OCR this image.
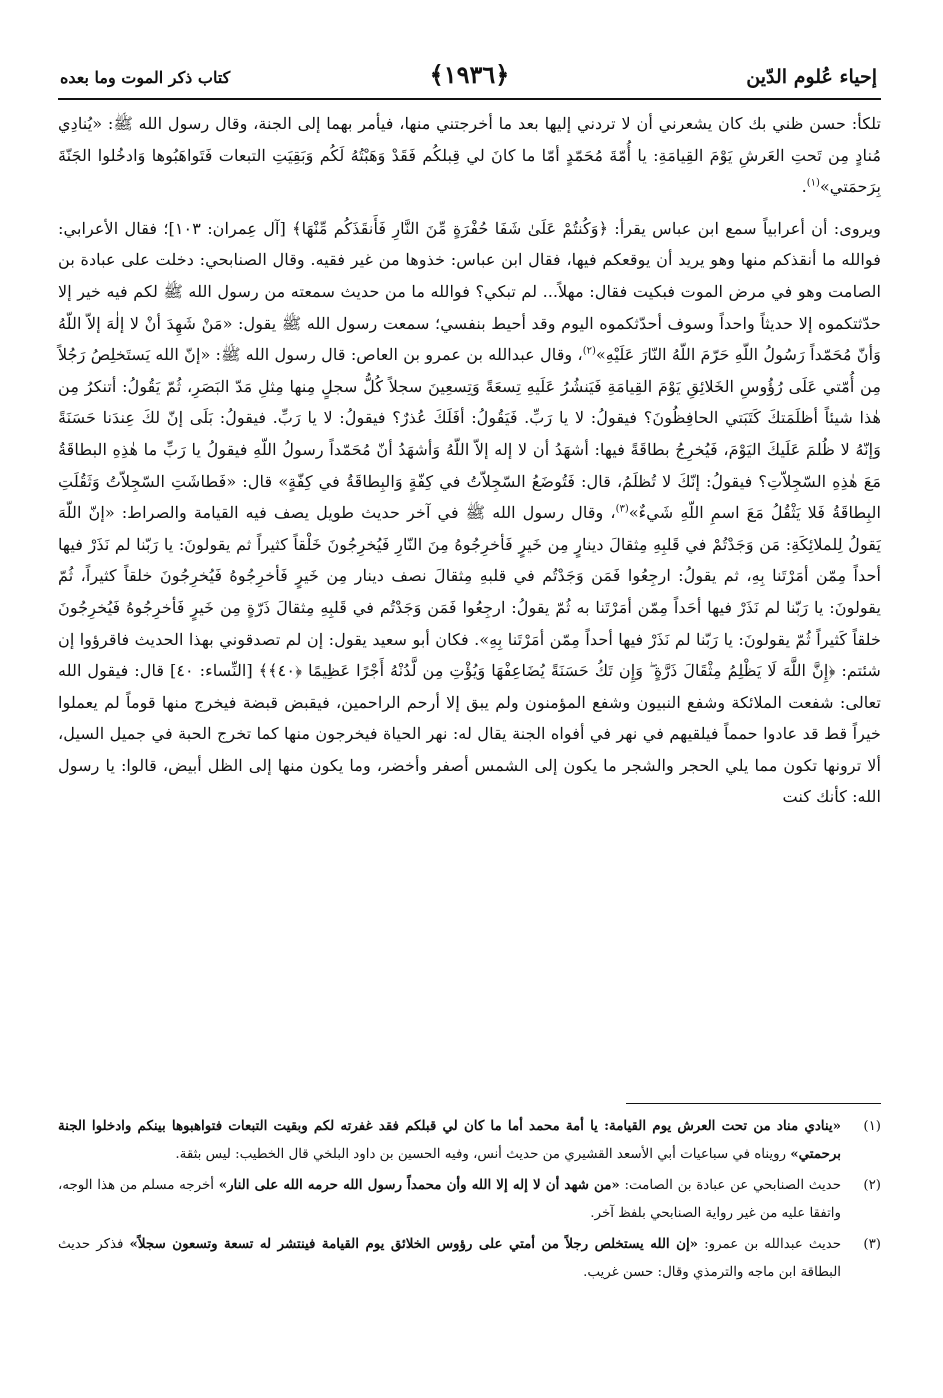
إحياء عُلوم الدّين
﴿١٩٣٦﴾
كتاب ذكر الموت وما بعده

تلكأ: حسن ظني بك كان يشعرني أن لا تردني إليها بعد ما أخرجتني منها، فيأمر بهما إلى الجنة، وقال رسول الله ﷺ: «يُنادِي مُنادٍ مِن تَحتِ العَرشِ يَوْمَ القِيامَةِ: يا أُمّةَ مُحَمّدٍ أمّا ما كانَ لي قِبلكُم فَقَدْ وَهَبْتُهُ لَكُم وَبَقِيَتِ التبعات فَتَواهَبُوها وَادخُلوا الجَنّةَ بِرَحمَتي»$^{(١)}$.

ويروى: أن أعرابياً سمع ابن عباس يقرأ: ﴿وَكُنتُمْ عَلَىٰ شَفَا حُفْرَةٍ مِّنَ النَّارِ فَأَنقَذَكُم مِّنْهَا﴾ [آل عِمران: ١٠٣]؛ فقال الأعرابي: فوالله ما أنقذكم منها وهو يريد أن يوقعكم فيها، فقال ابن عباس: خذوها من غير فقيه. وقال الصنابحي: دخلت على عبادة بن الصامت وهو في مرض الموت فبكيت فقال: مهلاً... لم تبكي؟ فوالله ما من حديث سمعته من رسول الله ﷺ لكم فيه خير إلا حدّثتكموه إلا حديثاً واحداً وسوف أحدّثكموه اليوم وقد أحيط بنفسي؛ سمعت رسول الله ﷺ يقول: «مَنْ شَهِدَ أنْ لا إلٰهَ إلاّ اللّهُ وَأنّ مُحَمّداً رَسُولُ اللّهِ حَرّمَ اللّهُ النّارَ عَلَيْهِ»$^{(٢)}$، وقال عبدالله بن عمرو بن العاص: قال رسول الله ﷺ: «إنّ الله يَستَخلِصُ رَجُلاً مِن أُمّتي عَلَى رُؤُوسِ الخَلائِقِ يَوْمَ القِيامَةِ فَيَنشُرُ عَلَيهِ تِسعَةً وَتِسعِينَ سجلاً كُلُّ سجلٍ مِنها مِثلِ مَدّ البَصَرِ، ثُمّ يَقُولُ: أتنكرُ مِن هٰذا شيئاً أظلَمَتكَ كَتَبَتي الحافِظُونَ؟ فيقولُ: لا يا رَبِّ. فَيَقُولُ: أفَلَكَ عُذرٌ؟ فيقولُ: لا يا رَبِّ. فيقولُ: بَلَى إنّ لكَ عِندَنا حَسَنَةً وَإنّهُ لا ظُلمَ عَلَيكَ اليَوْمَ، فَيُخرِجُ بطاقَةً فيها: أشهَدُ أن لا إله إلاّ اللّهُ وَأشهَدُ أنّ مُحَمّداً رسولُ اللّهِ فيقولُ يا رَبِّ ما هٰذِهِ البطاقَةُ مَعَ هٰذِهِ السّجِلاّتِ؟ فيقولُ: إنّكَ لا تُظلَمُ، قال: فَتُوضَعُ السّجِلاّتُ في كِفّةٍ وَالبِطاقَةُ في كِفّةٍ» قال: «فَطاشَتِ السّجِلاّتُ وَثَقُلَتِ البِطاقَةُ فَلا يَثْقُلُ مَعَ اسمِ اللّهِ شَيءٌ»$^{(٣)}$، وقال رسول الله ﷺ في آخر حديث طويل يصف فيه القيامة والصراط: «إنّ اللّهَ يَقولُ لِلملائِكَةِ: مَن وَجَدْتُمْ في قَلبِهِ مِثقالَ دينارٍ مِن خَيرٍ فَأخرِجُوهُ مِنَ النّارِ فَيُخرِجُونَ خَلْقاً كثيراً ثم يقولونَ: يا رَبّنا لم نَذَرْ فيها أحداً مِمّن أمَرْتَنا بِهِ، ثم يقولُ: ارجِعُوا فَمَن وَجَدْتُم في قلبهِ مِثقالَ نصف دينار مِن خَيرٍ فَأخرِجُوهُ فَيُخرِجُونَ خلقاً كثيراً، ثُمّ يقولونَ: يا رَبّنا لم نَذَرْ فيها أحَداً مِمّن أمَرْتَنا به ثُمّ يقولُ: ارجِعُوا فَمَن وَجَدْتُم في قَلبِهِ مِثقالَ ذَرّةٍ مِن خَيرٍ فَأخرِجُوهُ فَيُخرِجُونَ خلقاً كَثيراً ثُمّ يقولونَ: يا رَبّنا لم نَذَرْ فيها أحداً مِمّن أمَرْتَنا بِهِ». فكان أبو سعيد يقول: إن لم تصدقوني بهذا الحديث فاقرؤوا إن شئتم: ﴿إِنَّ اللَّهَ لَا يَظْلِمُ مِثْقَالَ ذَرَّةٍ ۖ وَإِن تَكُ حَسَنَةً يُضَاعِفْهَا وَيُؤْتِ مِن لَّدُنْهُ أَجْرًا عَظِيمًا ﴿٤٠﴾﴾ [النِّساء: ٤٠] قال: فيقول الله تعالى: شفعت الملائكة وشفع النبيون وشفع المؤمنون ولم يبق إلا أرحم الراحمين، فيقبض قبضة فيخرج منها قوماً لم يعملوا خيراً قط قد عادوا حمماً فيلقيهم في نهر في أفواه الجنة يقال له: نهر الحياة فيخرجون منها كما تخرج الحبة في جميل السيل، ألا ترونها تكون مما يلي الحجر والشجر ما يكون إلى الشمس أصفر وأخضر، وما يكون منها إلى الظل أبيض، قالوا: يا رسول الله: كأنك كنت

(١)
«ينادي مناد من تحت العرش يوم القيامة: يا أمة محمد أما ما كان لي قبلكم فقد غفرته لكم وبقيت التبعات فتواهبوها بينكم وادخلوا الجنة برحمتي» رويناه في سباعيات أبي الأسعد القشيري من حديث أنس، وفيه الحسين بن داود البلخي قال الخطيب: ليس بثقة.
(٢)
حديث الصنابحي عن عبادة بن الصامت: «من شهد أن لا إله إلا الله وأن محمداً رسول الله حرمه الله على النار» أخرجه مسلم من هذا الوجه، واتفقا عليه من غير رواية الصنابحي بلفظ آخر.
(٣)
حديث عبدالله بن عمرو: «إن الله يستخلص رجلاً من أمتي على رؤوس الخلائق يوم القيامة فينتشر له تسعة وتسعون سجلاً» فذكر حديث البطاقة ابن ماجه والترمذي وقال: حسن غريب.
